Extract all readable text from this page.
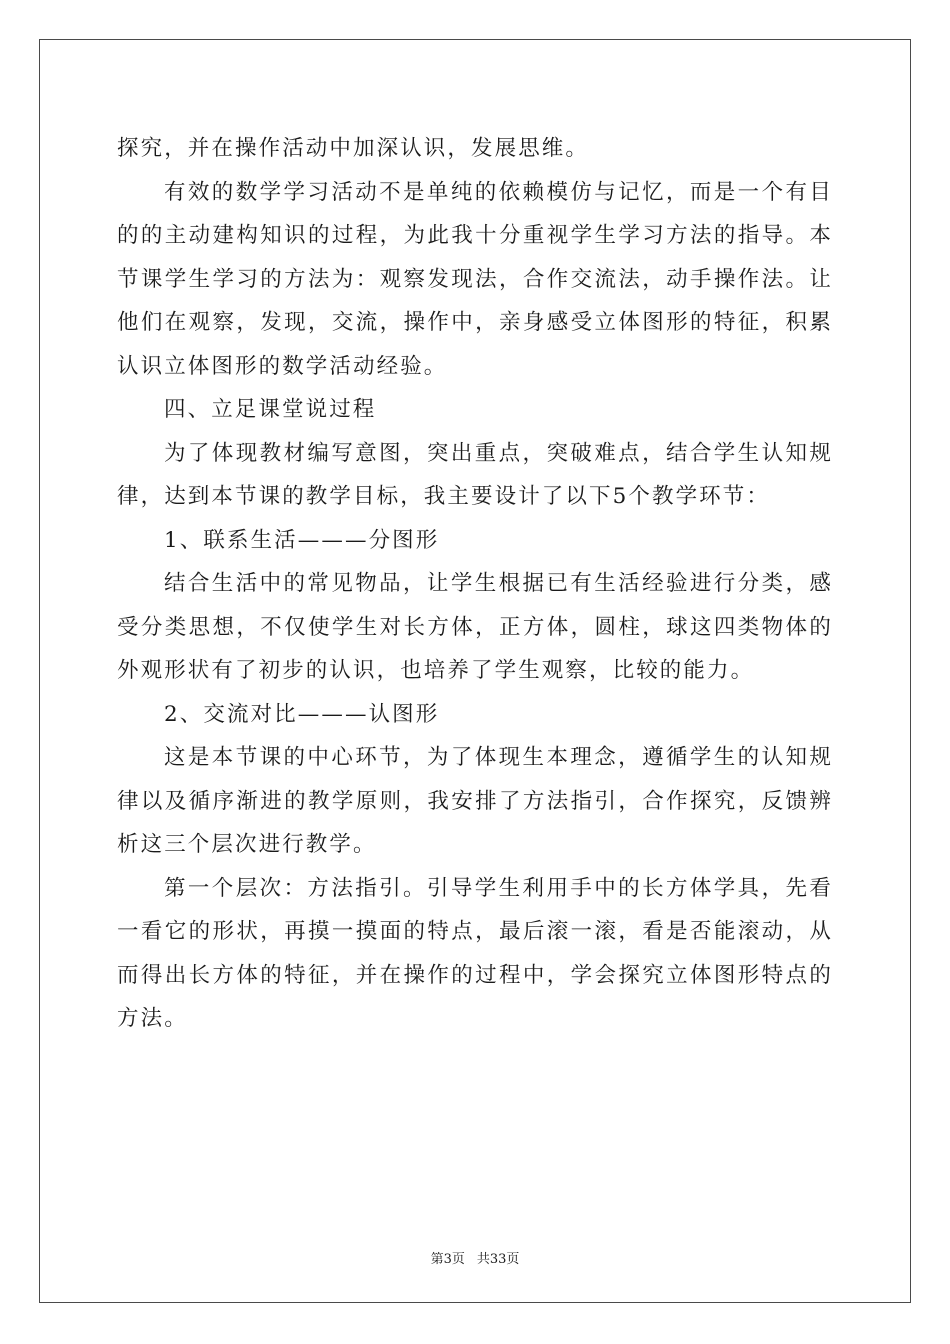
探究，并在操作活动中加深认识，发展思维。

有效的数学学习活动不是单纯的依赖模仿与记忆，而是一个有目的的主动建构知识的过程，为此我十分重视学生学习方法的指导。本节课学生学习的方法为：观察发现法，合作交流法，动手操作法。让他们在观察，发现，交流，操作中，亲身感受立体图形的特征，积累认识立体图形的数学活动经验。

四、立足课堂说过程

为了体现教材编写意图，突出重点，突破难点，结合学生认知规律，达到本节课的教学目标，我主要设计了以下5个教学环节：

1、联系生活———分图形

结合生活中的常见物品，让学生根据已有生活经验进行分类，感受分类思想，不仅使学生对长方体，正方体，圆柱，球这四类物体的外观形状有了初步的认识，也培养了学生观察，比较的能力。

2、交流对比———认图形

这是本节课的中心环节，为了体现生本理念，遵循学生的认知规律以及循序渐进的教学原则，我安排了方法指引，合作探究，反馈辨析这三个层次进行教学。

第一个层次：方法指引。引导学生利用手中的长方体学具，先看一看它的形状，再摸一摸面的特点，最后滚一滚，看是否能滚动，从而得出长方体的特征，并在操作的过程中，学会探究立体图形特点的方法。

第3页 共33页
